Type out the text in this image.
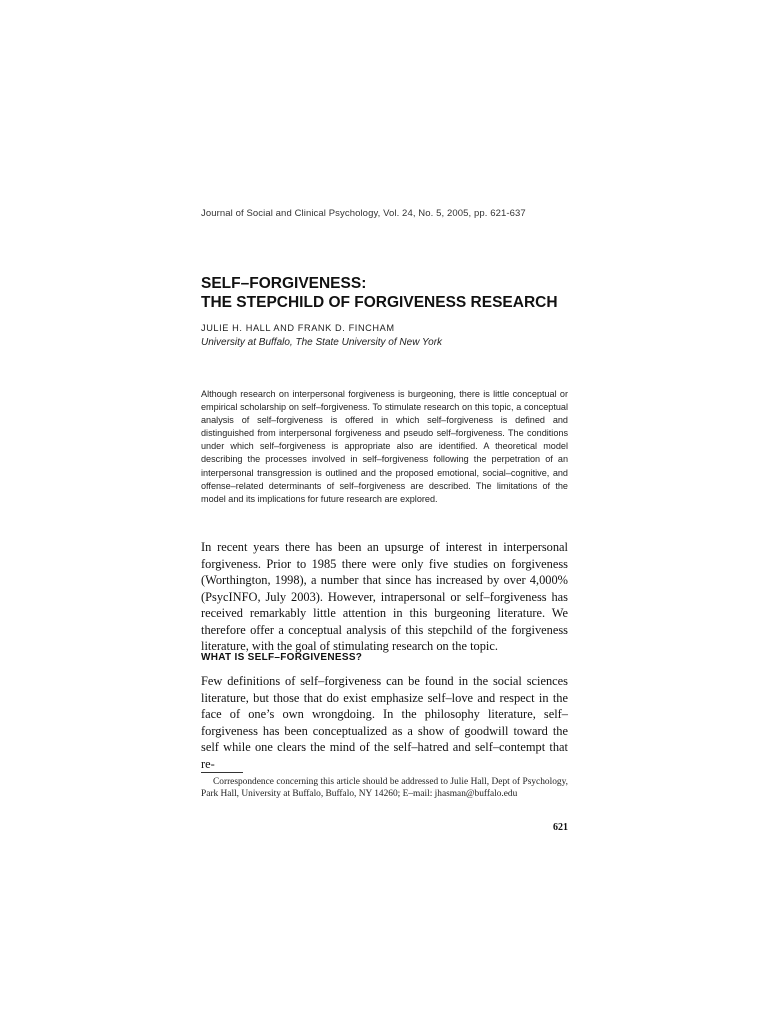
Journal of Social and Clinical Psychology, Vol. 24, No. 5, 2005, pp. 621-637
SELF–FORGIVENESS:
THE STEPCHILD OF FORGIVENESS RESEARCH
JULIE H. HALL AND FRANK D. FINCHAM
University at Buffalo, The State University of New York

Although research on interpersonal forgiveness is burgeoning, there is little conceptual or empirical scholarship on self–forgiveness. To stimulate research on this topic, a conceptual analysis of self–forgiveness is offered in which self–forgiveness is defined and distinguished from interpersonal forgiveness and pseudo self–forgiveness. The conditions under which self–forgiveness is appropriate also are identified. A theoretical model describing the processes involved in self–forgiveness following the perpetration of an interpersonal transgression is outlined and the proposed emotional, social–cognitive, and offense–related determinants of self–forgiveness are described. The limitations of the model and its implications for future research are explored.

In recent years there has been an upsurge of interest in interpersonal forgiveness. Prior to 1985 there were only five studies on forgiveness (Worthington, 1998), a number that since has increased by over 4,000% (PsycINFO, July 2003). However, intrapersonal or self–forgiveness has received remarkably little attention in this burgeoning literature. We therefore offer a conceptual analysis of this stepchild of the forgiveness literature, with the goal of stimulating research on the topic.

WHAT IS SELF–FORGIVENESS?

Few definitions of self–forgiveness can be found in the social sciences literature, but those that do exist emphasize self–love and respect in the face of one’s own wrongdoing. In the philosophy literature, self–forgiveness has been conceptualized as a show of goodwill toward the self while one clears the mind of the self–hatred and self–contempt that re-

Correspondence concerning this article should be addressed to Julie Hall, Dept of Psychology, Park Hall, University at Buffalo, Buffalo, NY 14260; E–mail: jhasman@buffalo.edu

621
